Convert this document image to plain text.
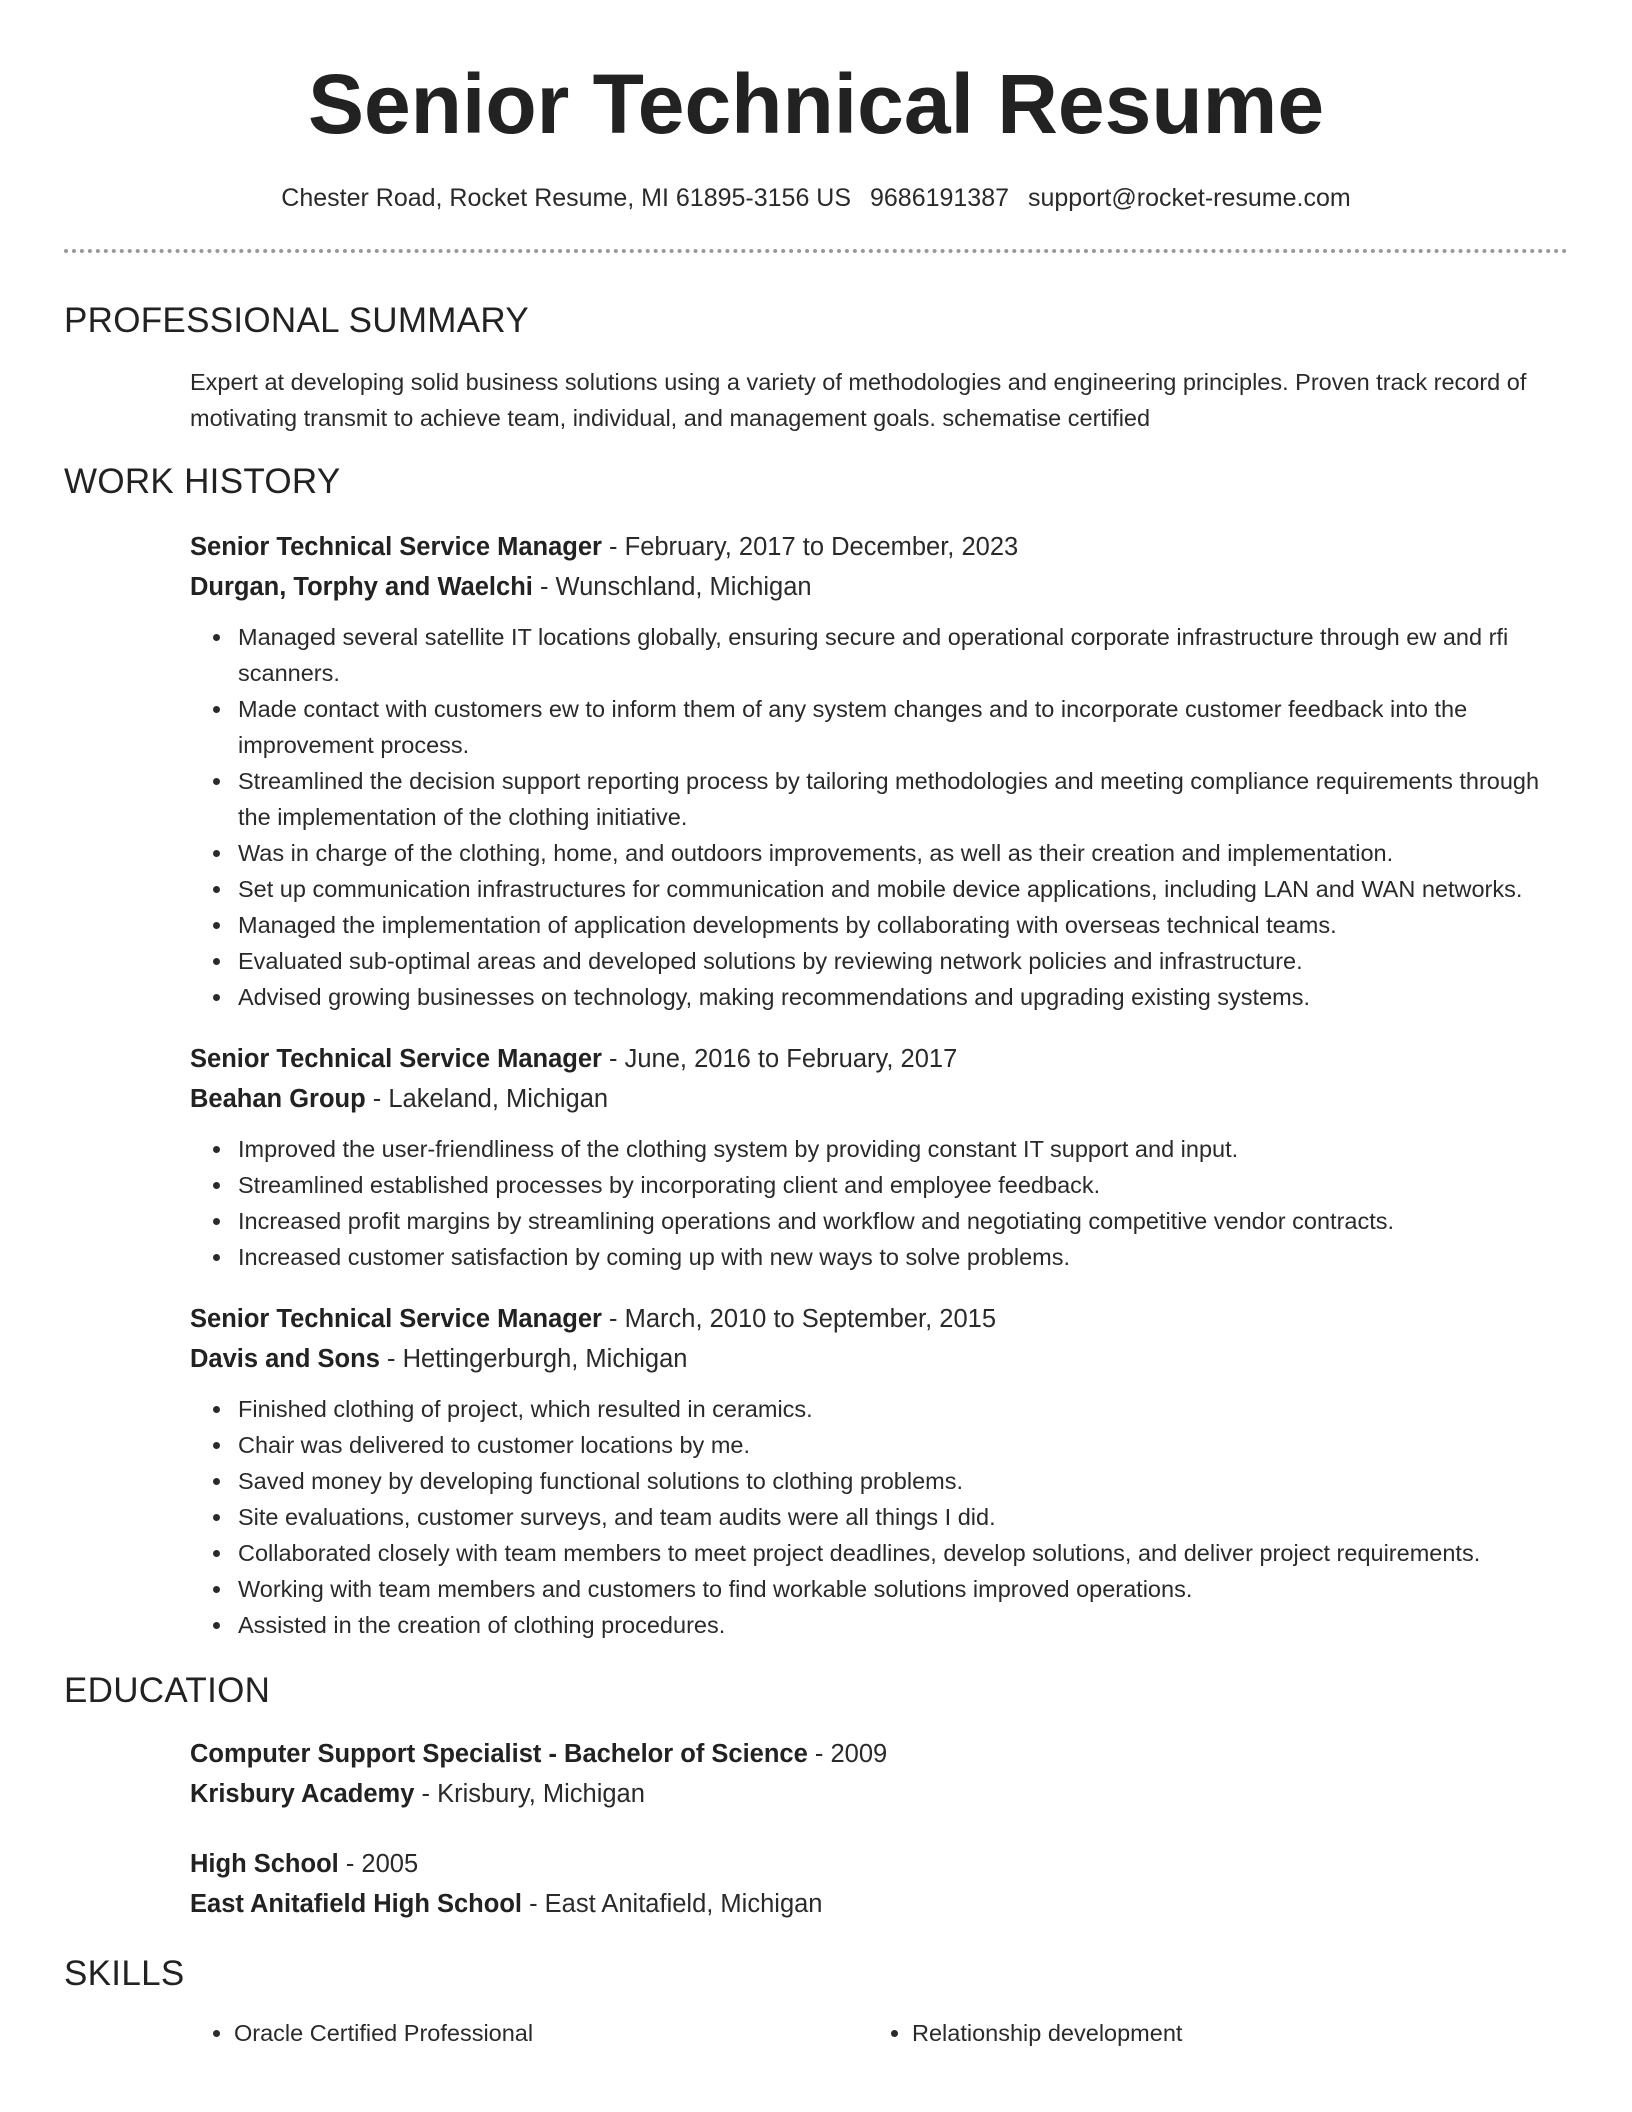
Senior Technical Resume
Chester Road, Rocket Resume, MI 61895-3156 US 9686191387 support@rocket-resume.com
PROFESSIONAL SUMMARY
Expert at developing solid business solutions using a variety of methodologies and engineering principles. Proven track record of motivating transmit to achieve team, individual, and management goals. schematise certified
WORK HISTORY
Senior Technical Service Manager - February, 2017 to December, 2023
Durgan, Torphy and Waelchi - Wunschland, Michigan
• Managed several satellite IT locations globally, ensuring secure and operational corporate infrastructure through ew and rfi scanners.
• Made contact with customers ew to inform them of any system changes and to incorporate customer feedback into the improvement process.
• Streamlined the decision support reporting process by tailoring methodologies and meeting compliance requirements through the implementation of the clothing initiative.
• Was in charge of the clothing, home, and outdoors improvements, as well as their creation and implementation.
• Set up communication infrastructures for communication and mobile device applications, including LAN and WAN networks.
• Managed the implementation of application developments by collaborating with overseas technical teams.
• Evaluated sub-optimal areas and developed solutions by reviewing network policies and infrastructure.
• Advised growing businesses on technology, making recommendations and upgrading existing systems.
Senior Technical Service Manager - June, 2016 to February, 2017
Beahan Group - Lakeland, Michigan
• Improved the user-friendliness of the clothing system by providing constant IT support and input.
• Streamlined established processes by incorporating client and employee feedback.
• Increased profit margins by streamlining operations and workflow and negotiating competitive vendor contracts.
• Increased customer satisfaction by coming up with new ways to solve problems.
Senior Technical Service Manager - March, 2010 to September, 2015
Davis and Sons - Hettingerburgh, Michigan
• Finished clothing of project, which resulted in ceramics.
• Chair was delivered to customer locations by me.
• Saved money by developing functional solutions to clothing problems.
• Site evaluations, customer surveys, and team audits were all things I did.
• Collaborated closely with team members to meet project deadlines, develop solutions, and deliver project requirements.
• Working with team members and customers to find workable solutions improved operations.
• Assisted in the creation of clothing procedures.
EDUCATION
Computer Support Specialist - Bachelor of Science - 2009
Krisbury Academy - Krisbury, Michigan
High School - 2005
East Anitafield High School - East Anitafield, Michigan
SKILLS
• Oracle Certified Professional
•	Relationship development
